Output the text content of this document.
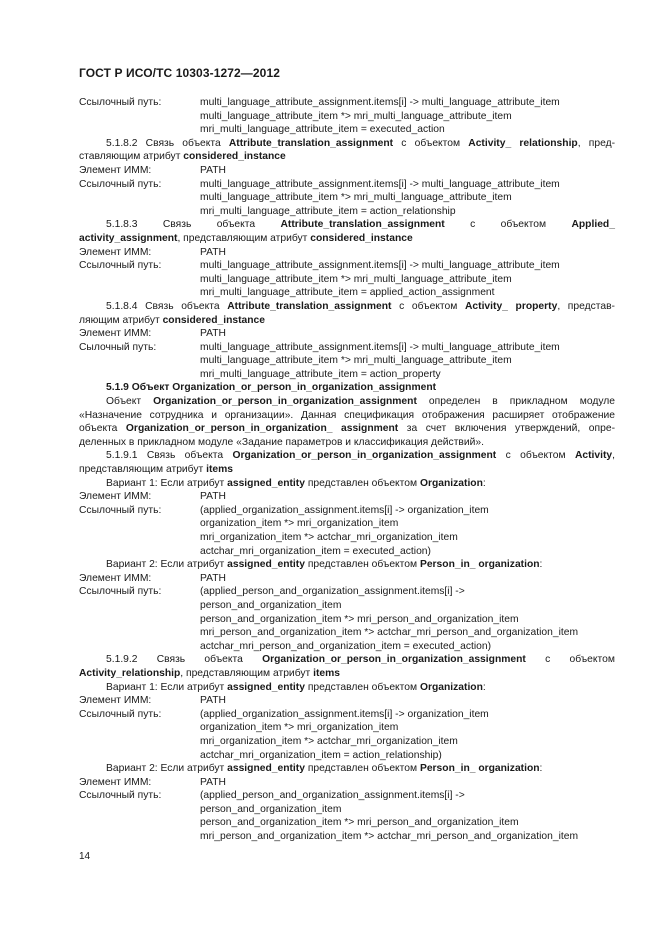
ГОСТ Р ИСО/ТС 10303-1272—2012
Ссылочный путь:	multi_language_attribute_assignment.items[i] -> multi_language_attribute_item
multi_language_attribute_item *> mri_multi_language_attribute_item
mri_multi_language_attribute_item = executed_action
5.1.8.2 Связь объекта Attribute_translation_assignment с объектом Activity_ relationship, пред-
ставляющим атрибут considered_instance
Элемент ИММ:	PATH
Ссылочный путь:	multi_language_attribute_assignment.items[i] -> multi_language_attribute_item
multi_language_attribute_item *> mri_multi_language_attribute_item
mri_multi_language_attribute_item = action_relationship
5.1.8.3 Связь объекта Attribute_translation_assignment с объектом Applied_
activity_assignment, представляющим атрибут considered_instance
Элемент ИММ:	PATH
Ссылочный путь:	multi_language_attribute_assignment.items[i] -> multi_language_attribute_item
multi_language_attribute_item *> mri_multi_language_attribute_item
mri_multi_language_attribute_item = applied_action_assignment
5.1.8.4 Связь объекта Attribute_translation_assignment с объектом Activity_ property, представ-
ляющим атрибут considered_instance
Элемент ИММ:	PATH
Сылочный путь:	multi_language_attribute_assignment.items[i] -> multi_language_attribute_item
multi_language_attribute_item *> mri_multi_language_attribute_item
mri_multi_language_attribute_item = action_property
5.1.9 Объект Organization_or_person_in_organization_assignment
Объект Organization_or_person_in_organization_assignment определен в прикладном модуле
«Назначение сотрудника и организации». Данная спецификация отображения расширяет отображение
объекта Organization_or_person_in_organization_ assignment за счет включения утверждений, опре-
деленных в прикладном модуле «Задание параметров и классификация действий».
5.1.9.1 Связь объекта Organization_or_person_in_organization_assignment с объектом Activity,
представляющим атрибут items
Вариант 1: Если атрибут assigned_entity представлен объектом Organization:
Элемент ИММ:	PATH
Ссылочный путь:	(applied_organization_assignment.items[i] -> organization_item
organization_item *> mri_organization_item
mri_organization_item *> actchar_mri_organization_item
actchar_mri_organization_item = executed_action)
Вариант 2: Если атрибут assigned_entity представлен объектом Person_in_ organization:
Элемент ИММ:	PATH
Ссылочный путь:	(applied_person_and_organization_assignment.items[i] ->
person_and_organization_item
person_and_organization_item *> mri_person_and_organization_item
mri_person_and_organization_item *> actchar_mri_person_and_organization_item
actchar_mri_person_and_organization_item = executed_action)
5.1.9.2 Связь объекта Organization_or_person_in_organization_assignment с объектом
Activity_relationship, представляющим атрибут items
Вариант 1: Если атрибут assigned_entity представлен объектом Organization:
Элемент ИММ:	PATH
Ссылочный путь:	(applied_organization_assignment.items[i] -> organization_item
organization_item *> mri_organization_item
mri_organization_item *> actchar_mri_organization_item
actchar_mri_organization_item = action_relationship)
Вариант 2: Если атрибут assigned_entity представлен объектом Person_in_ organization:
Элемент ИММ:	PATH
Ссылочный путь:	(applied_person_and_organization_assignment.items[i] ->
person_and_organization_item
person_and_organization_item *> mri_person_and_organization_item
mri_person_and_organization_item *> actchar_mri_person_and_organization_item
14
